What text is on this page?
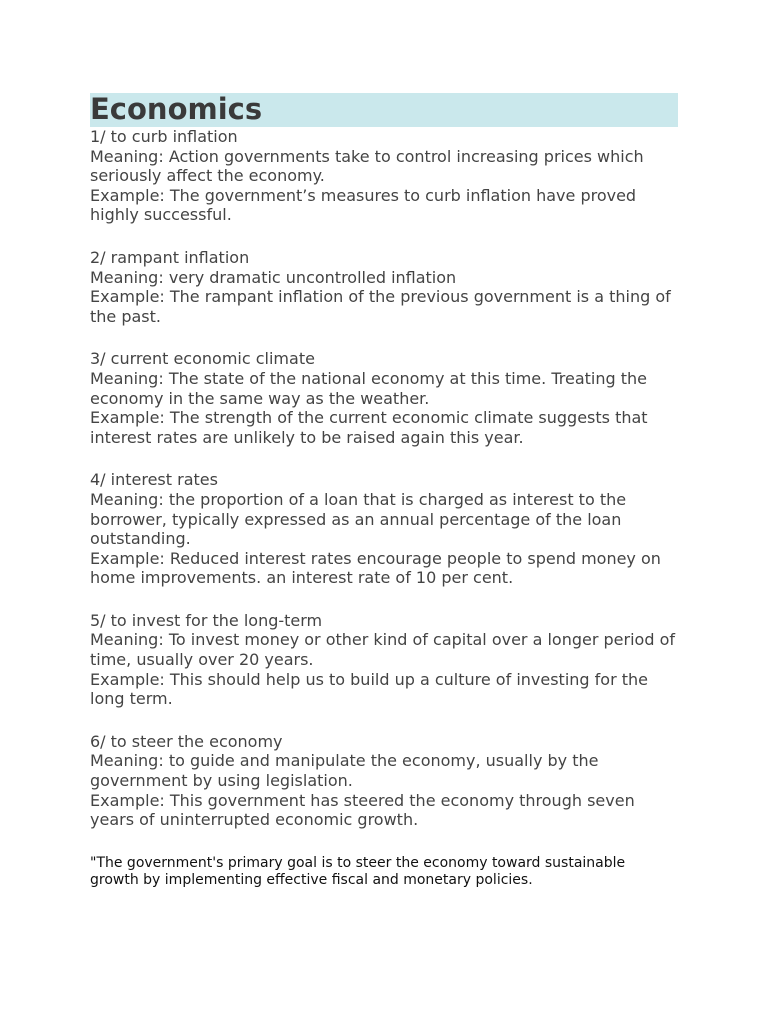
Economics

1/ to curb inflation

Meaning: Action governments take to control increasing prices which seriously affect the economy.

Example: The government’s measures to curb inflation have proved highly successful.

2/ rampant inflation

Meaning: very dramatic uncontrolled inflation

Example: The rampant inflation of the previous government is a thing of the past.

3/ current economic climate

Meaning: The state of the national economy at this time. Treating the economy in the same way as the weather.

Example: The strength of the current economic climate suggests that interest rates are unlikely to be raised again this year.

4/ interest rates

Meaning: the proportion of a loan that is charged as interest to the borrower, typically expressed as an annual percentage of the loan outstanding.

Example: Reduced interest rates encourage people to spend money on home improvements. an interest rate of 10 per cent.

5/ to invest for the long-term

Meaning: To invest money or other kind of capital over a longer period of time, usually over 20 years.

Example: This should help us to build up a culture of investing for the long term.

6/ to steer the economy

Meaning: to guide and manipulate the economy, usually by the government by using legislation.

Example: This government has steered the economy through seven years of uninterrupted economic growth.

"The government's primary goal is to steer the economy toward sustainable growth by implementing effective fiscal and monetary policies.
